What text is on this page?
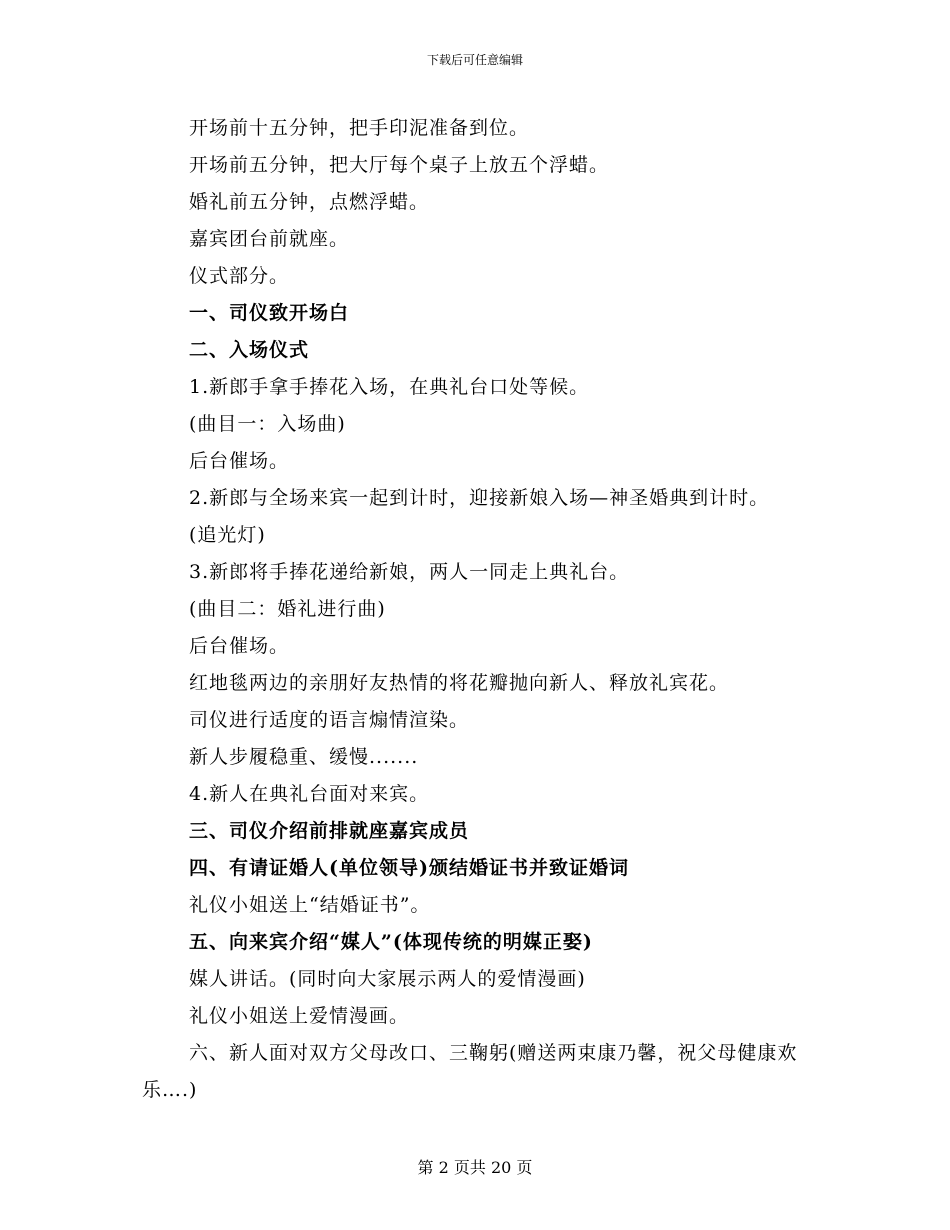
下载后可任意编辑
开场前十五分钟，把手印泥准备到位。
开场前五分钟，把大厅每个桌子上放五个浮蜡。
婚礼前五分钟，点燃浮蜡。
嘉宾团台前就座。
仪式部分。
一、司仪致开场白
二、入场仪式
1.新郎手拿手捧花入场，在典礼台口处等候。
(曲目一：入场曲)
后台催场。
2.新郎与全场来宾一起到计时，迎接新娘入场—神圣婚典到计时。
(追光灯)
3.新郎将手捧花递给新娘，两人一同走上典礼台。
(曲目二：婚礼进行曲)
后台催场。
红地毯两边的亲朋好友热情的将花瓣抛向新人、释放礼宾花。
司仪进行适度的语言煽情渲染。
新人步履稳重、缓慢.......
4.新人在典礼台面对来宾。
三、司仪介绍前排就座嘉宾成员
四、有请证婚人(单位领导)颁结婚证书并致证婚词
礼仪小姐送上“结婚证书”。
五、向来宾介绍“媒人”(体现传统的明媒正娶)
媒人讲话。(同时向大家展示两人的爱情漫画)
礼仪小姐送上爱情漫画。

六、新人面对双方父母改口、三鞠躬(赠送两束康乃馨，祝父母健康欢乐….)

第 2 页共 20 页
